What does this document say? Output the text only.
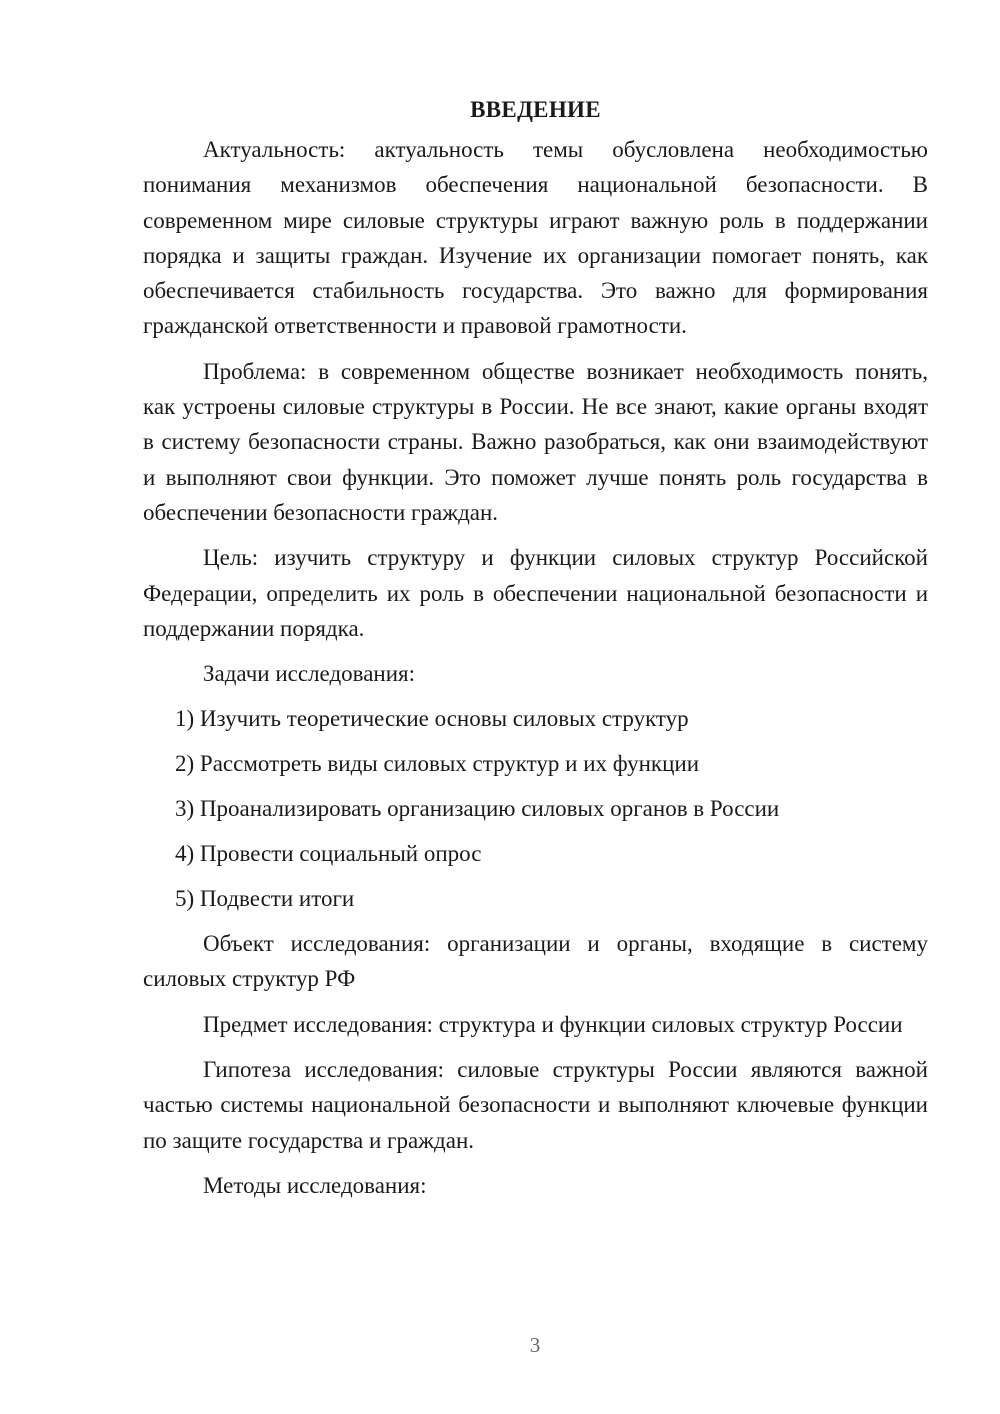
ВВЕДЕНИЕ

Актуальность: актуальность темы обусловлена необходимостью понимания механизмов обеспечения национальной безопасности. В современном мире силовые структуры играют важную роль в поддержании порядка и защиты граждан. Изучение их организации помогает понять, как обеспечивается стабильность государства. Это важно для формирования гражданской ответственности и правовой грамотности.

Проблема: в современном обществе возникает необходимость понять, как устроены силовые структуры в России. Не все знают, какие органы входят в систему безопасности страны. Важно разобраться, как они взаимодействуют и выполняют свои функции. Это поможет лучше понять роль государства в обеспечении безопасности граждан.

Цель: изучить структуру и функции силовых структур Российской Федерации, определить их роль в обеспечении национальной безопасности и поддержании порядка.

Задачи исследования:

1) Изучить теоретические основы силовых структур
2) Рассмотреть виды силовых структур и их функции
3) Проанализировать организацию силовых органов в России
4) Провести социальный опрос
5) Подвести итоги

Объект исследования: организации и органы, входящие в систему силовых структур РФ

Предмет исследования: структура и функции силовых структур России

Гипотеза исследования: силовые структуры России являются важной частью системы национальной безопасности и выполняют ключевые функции по защите государства и граждан.

Методы исследования:

3
